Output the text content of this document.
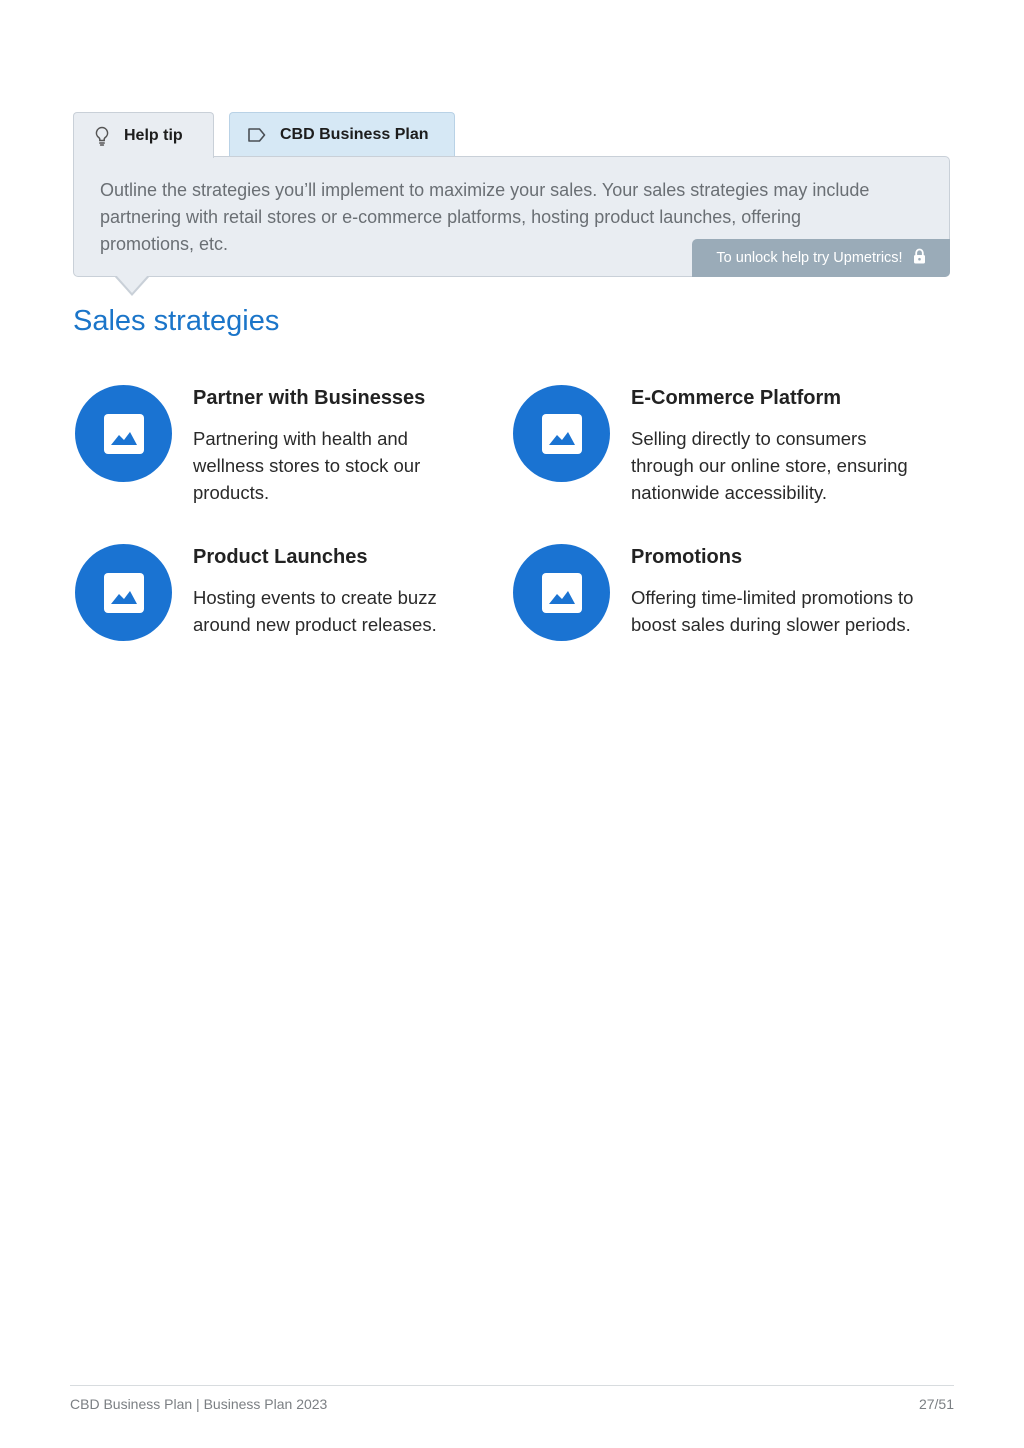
Help tip	CBD Business Plan

Outline the strategies you’ll implement to maximize your sales. Your sales strategies may include partnering with retail stores or e-commerce platforms, hosting product launches, offering promotions, etc.

To unlock help try Upmetrics!
Sales strategies
Partner with Businesses

Partnering with health and wellness stores to stock our products.

E-Commerce Platform

Selling directly to consumers through our online store, ensuring nationwide accessibility.

Product Launches

Hosting events to create buzz around new product releases.

Promotions

Offering time-limited promotions to boost sales during slower periods.

CBD Business Plan | Business Plan 2023	27/51
